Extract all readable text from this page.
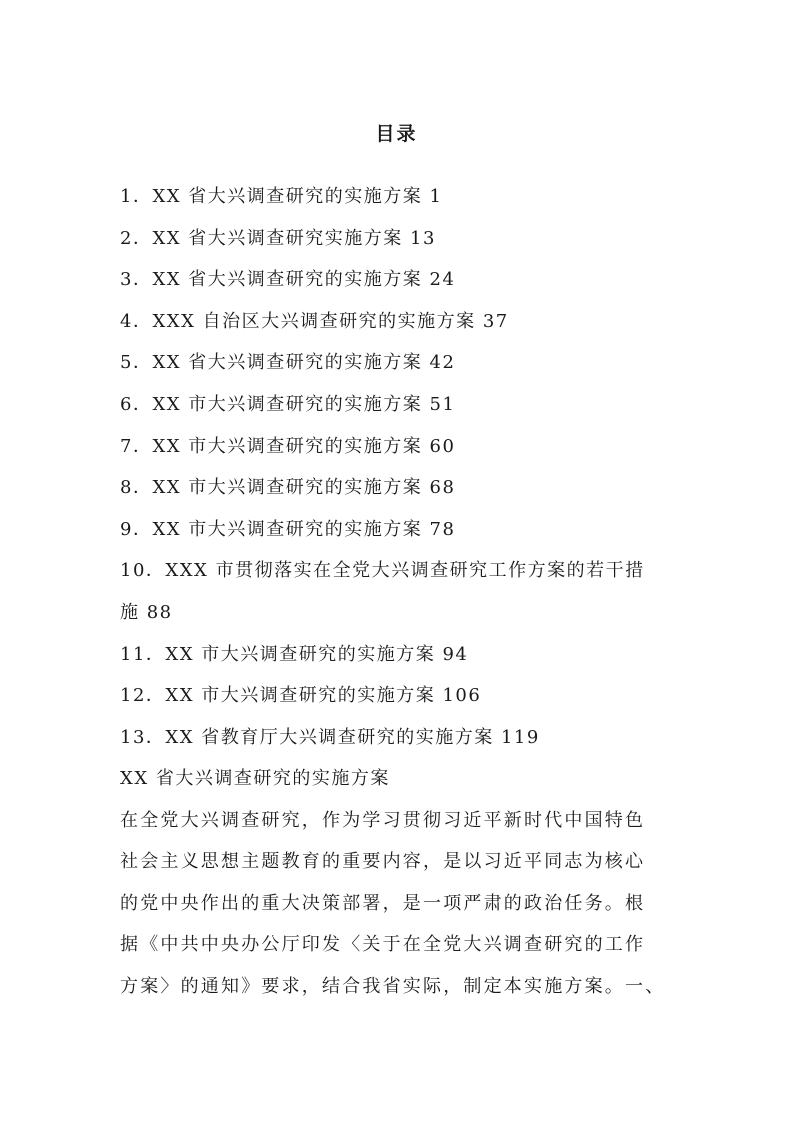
目录
1．XX 省大兴调查研究的实施方案 1
2．XX 省大兴调查研究实施方案 13
3．XX 省大兴调查研究的实施方案 24
4．XXX 自治区大兴调查研究的实施方案 37
5．XX 省大兴调查研究的实施方案 42
6．XX 市大兴调查研究的实施方案 51
7．XX 市大兴调查研究的实施方案 60
8．XX 市大兴调查研究的实施方案 68
9．XX 市大兴调查研究的实施方案 78
10．XXX 市贯彻落实在全党大兴调查研究工作方案的若干措
施 88
11．XX 市大兴调查研究的实施方案 94
12．XX 市大兴调查研究的实施方案 106
13．XX 省教育厅大兴调查研究的实施方案 119
XX 省大兴调查研究的实施方案
在全党大兴调查研究，作为学习贯彻习近平新时代中国特色
社会主义思想主题教育的重要内容，是以习近平同志为核心
的党中央作出的重大决策部署，是一项严肃的政治任务。根
据《中共中央办公厅印发〈关于在全党大兴调查研究的工作
方案〉的通知》要求，结合我省实际，制定本实施方案。一、
